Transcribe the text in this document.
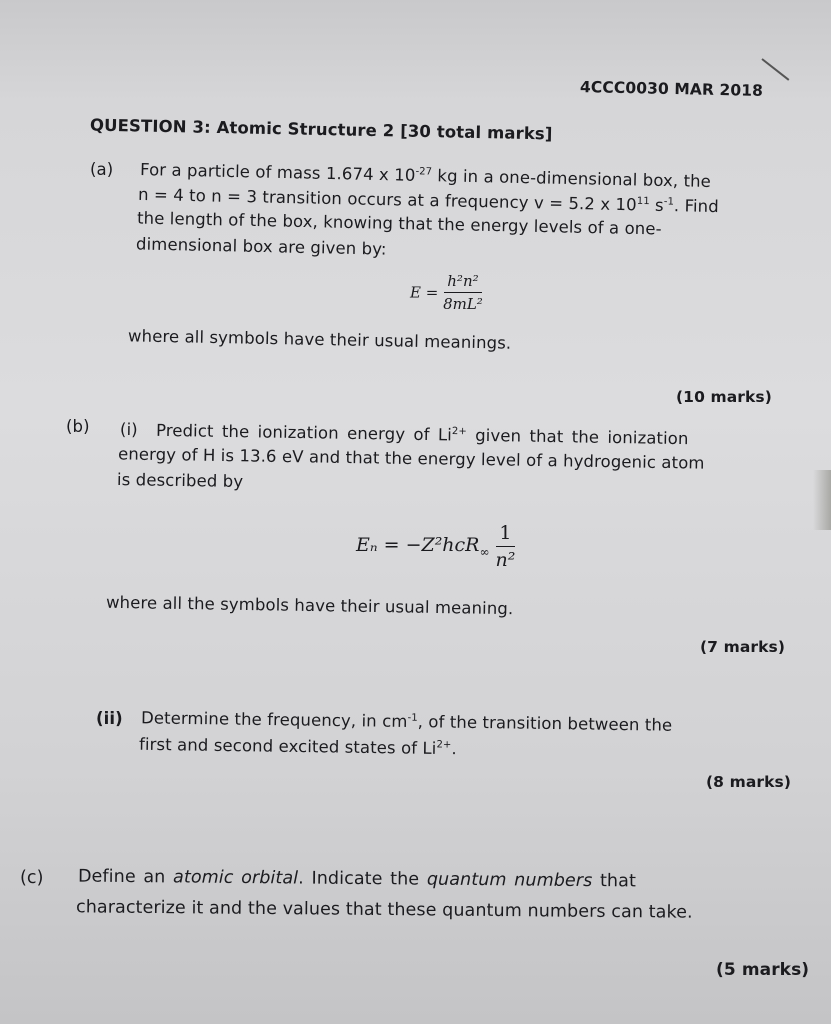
4CCC0030 MAR 2018
QUESTION 3: Atomic Structure 2 [30 total marks]
(a) For a particle of mass 1.674 x $10^{-27}$ kg in a one-dimensional box, the
n = 4 to n = 3 transition occurs at a frequency v = 5.2 x $10^{11}$ $s^{-1}$. Find
the length of the box, knowing that the energy levels of a one-
dimensional box are given by:
$E = \frac{\text{h²n²}}{\text{8mL²}}$
where all symbols have their usual meanings.
(10 marks)
(b) (i) Predict the ionization energy of $Li^{2+}$ given that the ionization
energy of H is 13.6 eV and that the energy level of a hydrogenic atom
is described by
$E_n = -Z^2hcR_\infty \frac{1}{\text{n²}}$
where all the symbols have their usual meaning.
(7 marks)
(ii) Determine the frequency, in $cm^{-1}$, of the transition between the
first and second excited states of $Li^{2+}$.
(8 marks)
(c) Define an atomic orbital. Indicate the quantum numbers that
characterize it and the values that these quantum numbers can take.
(5 marks)
